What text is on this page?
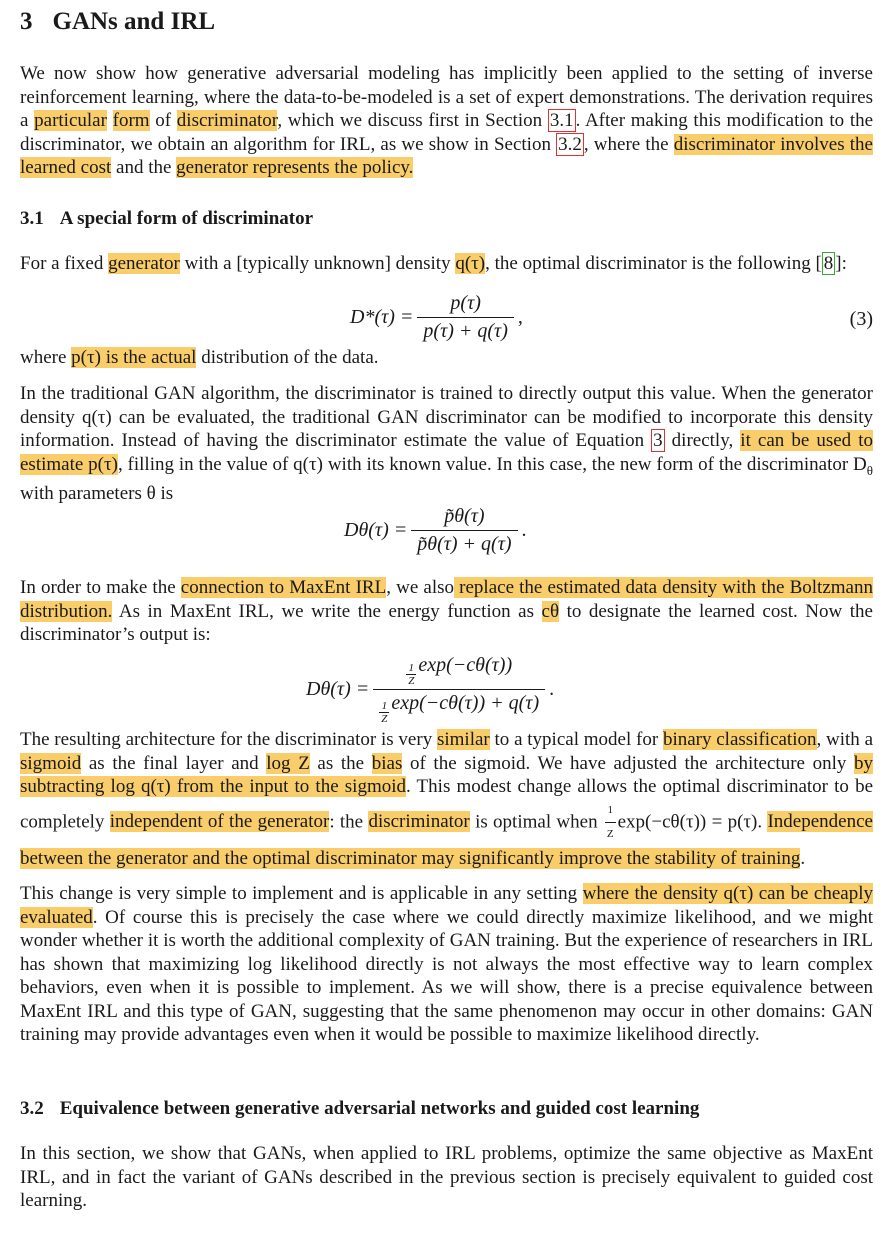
3 GANs and IRL

We now show how generative adversarial modeling has implicitly been applied to the setting of inverse reinforcement learning, where the data-to-be-modeled is a set of expert demonstrations. The derivation requires a particular form of discriminator, which we discuss first in Section 3.1 . After making this modification to the discriminator, we obtain an algorithm for IRL, as we show in Section 3.2 , where the discriminator involves the learned cost and the generator represents the policy.

3.1 A special form of discriminator

For a fixed generator with a [typically unknown] density q(τ), the optimal discriminator is the following [ 8 ]:

$D*(\tau) = \frac{p(\tau)}{p(\tau) + q(\tau)}$ ,	(3)

where p(τ) is the actual distribution of the data.

In the traditional GAN algorithm, the discriminator is trained to directly output this value. When the generator density q(τ) can be evaluated, the traditional GAN discriminator can be modified to incorporate this density information. Instead of having the discriminator estimate the value of Equation 3 directly, it can be used to estimate p(τ), filling in the value of q(τ) with its known value. In this case, the new form of the discriminator $D_\theta$ with parameters θ is

$D\theta(\tau) = \frac{p̃\theta(\tau)}{p̃\theta(\tau) + q(\tau)}$ .

In order to make the connection to MaxEnt IRL, we also replace the estimated data density with the Boltzmann distribution. As in MaxEnt IRL, we write the energy function as cθ to designate the learned cost. Now the discriminator’s output is:

$D\theta(\tau) = \frac{\frac{1}{Z} \exp(-c\theta(\tau))}{\frac{1}{Z} \exp(-c\theta(\tau)) + q(\tau)}$ .

The resulting architecture for the discriminator is very similar to a typical model for binary classification, with a sigmoid as the final layer and log Z as the bias of the sigmoid. We have adjusted the architecture only by subtracting log q(τ) from the input to the sigmoid. This modest change allows the optimal discriminator to be completely independent of the generator: the discriminator is optimal when $\frac{1}{Z} \exp(-c\theta(\tau)) = p(\tau)$. Independence between the generator and the optimal discriminator may significantly improve the stability of training.

This change is very simple to implement and is applicable in any setting where the density q(τ) can be cheaply evaluated. Of course this is precisely the case where we could directly maximize likelihood, and we might wonder whether it is worth the additional complexity of GAN training. But the experience of researchers in IRL has shown that maximizing log likelihood directly is not always the most effective way to learn complex behaviors, even when it is possible to implement. As we will show, there is a precise equivalence between MaxEnt IRL and this type of GAN, suggesting that the same phenomenon may occur in other domains: GAN training may provide advantages even when it would be possible to maximize likelihood directly.

3.2 Equivalence between generative adversarial networks and guided cost learning

In this section, we show that GANs, when applied to IRL problems, optimize the same objective as MaxEnt IRL, and in fact the variant of GANs described in the previous section is precisely equivalent to guided cost learning.
